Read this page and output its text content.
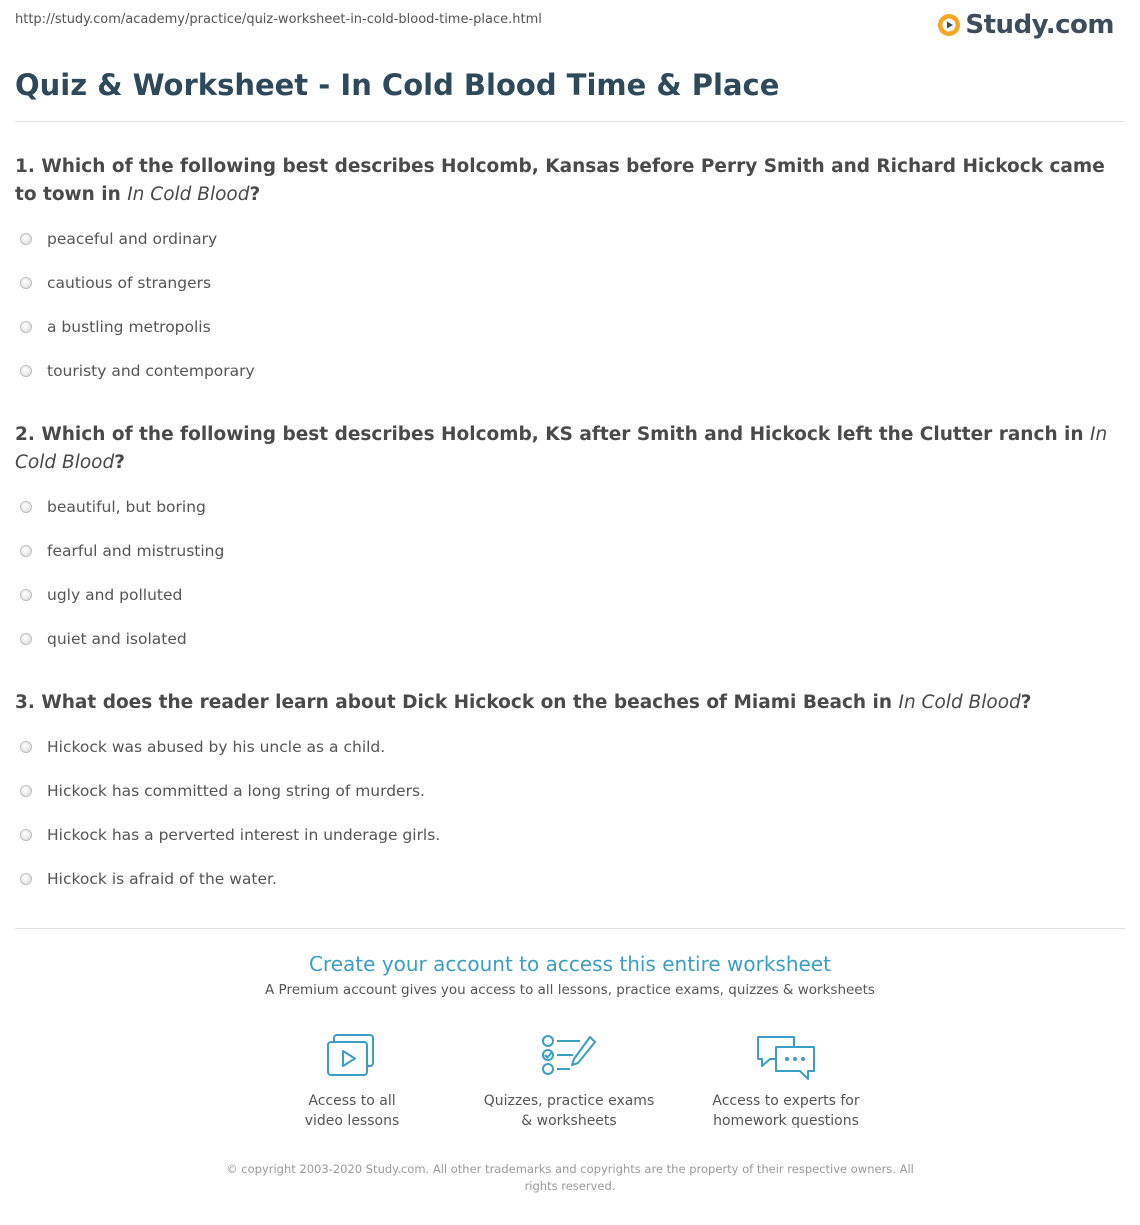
http://study.com/academy/practice/quiz-worksheet-in-cold-blood-time-place.html	Study.com
Quiz & Worksheet - In Cold Blood Time & Place

1. Which of the following best describes Holcomb, Kansas before Perry Smith and Richard Hickock came to town in In Cold Blood?

peaceful and ordinary
cautious of strangers
a bustling metropolis
touristy and contemporary

2. Which of the following best describes Holcomb, KS after Smith and Hickock left the Clutter ranch in In Cold Blood?

beautiful, but boring
fearful and mistrusting
ugly and polluted
quiet and isolated

3. What does the reader learn about Dick Hickock on the beaches of Miami Beach in In Cold Blood?

Hickock was abused by his uncle as a child.
Hickock has committed a long string of murders.
Hickock has a perverted interest in underage girls.
Hickock is afraid of the water.
Create your account to access this entire worksheet
A Premium account gives you access to all lessons, practice exams, quizzes & worksheets
Access to all
video lessons
Quizzes, practice exams
& worksheets
Access to experts for
homework questions
© copyright 2003-2020 Study.com. All other trademarks and copyrights are the property of their respective owners. All rights reserved.
